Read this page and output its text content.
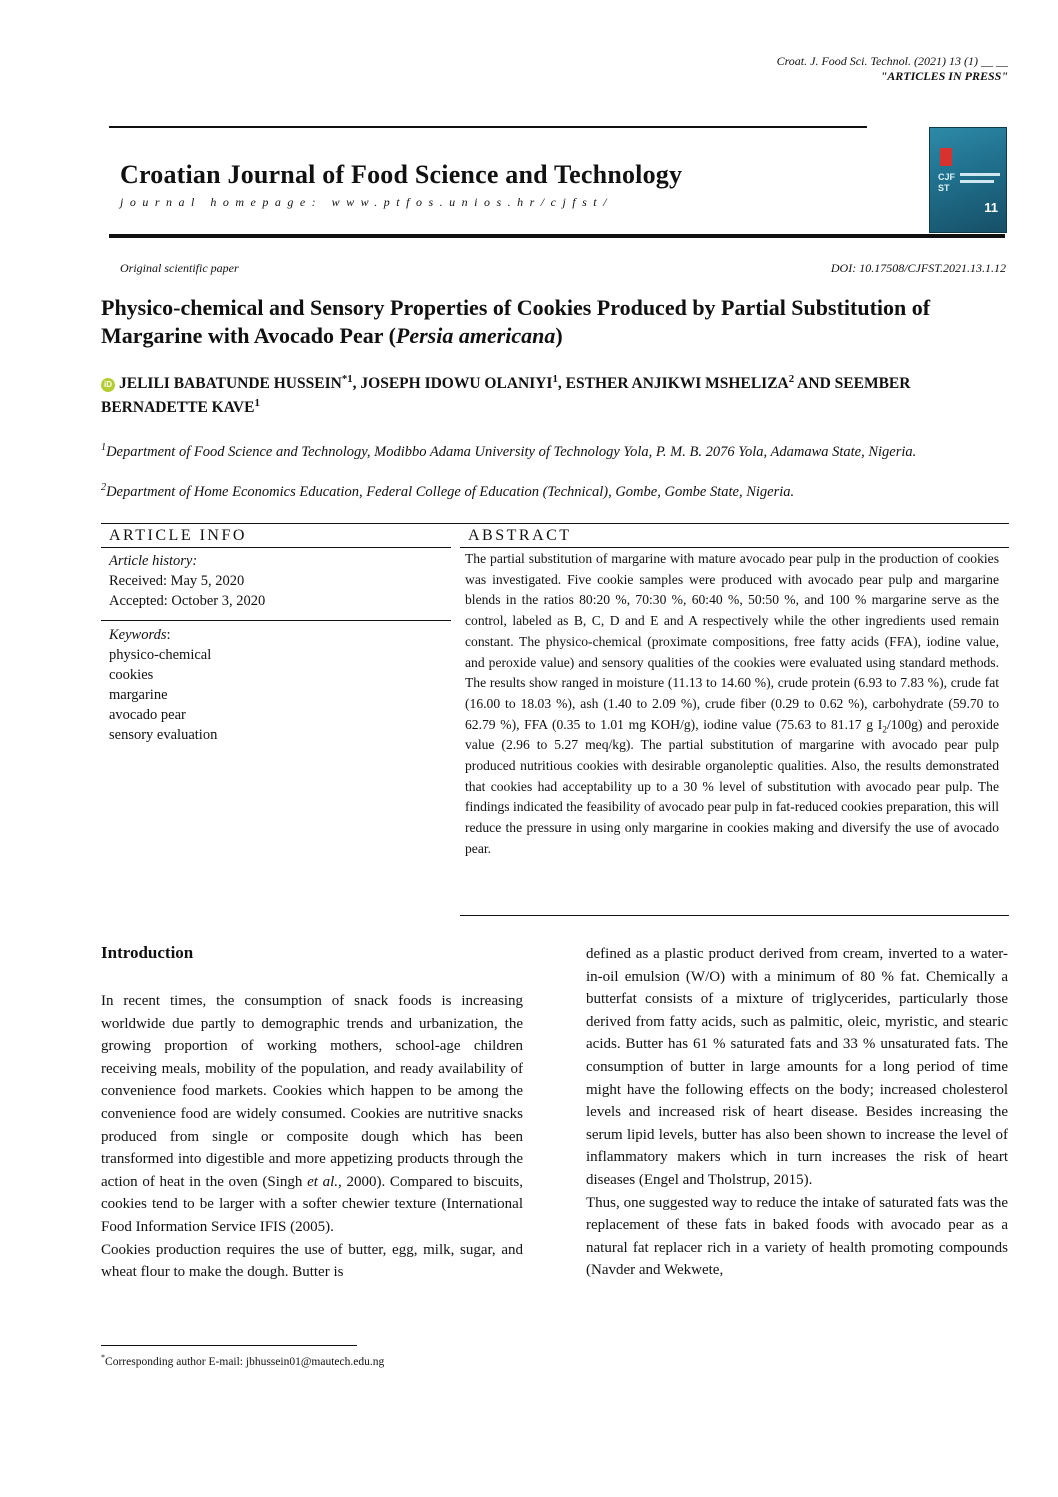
Croat. J. Food Sci. Technol. (2021) 13 (1) __ __
"ARTICLES IN PRESS"
Croatian Journal of Food Science and Technology
journal homepage: www.ptfos.unios.hr/cjfst/
CJFST
11
Original scientific paper	DOI: 10.17508/CJFST.2021.13.1.12
Physico-chemical and Sensory Properties of Cookies Produced by Partial Substitution of Margarine with Avocado Pear (Persia americana)
iD JELILI BABATUNDE HUSSEIN$^{*1}$, JOSEPH IDOWU OLANIYI$^1$, ESTHER ANJIKWI MSHELIZA$^2$ AND SEEMBER BERNADETTE KAVE$^1$
$^1$Department of Food Science and Technology, Modibbo Adama University of Technology Yola, P. M. B. 2076 Yola, Adamawa State, Nigeria.
$^2$Department of Home Economics Education, Federal College of Education (Technical), Gombe, Gombe State, Nigeria.
ARTICLE INFO	ABSTRACT
Article history:
Received: May 5, 2020
Accepted: October 3, 2020
Keywords:
physico-chemical
cookies
margarine
avocado pear
sensory evaluation
The partial substitution of margarine with mature avocado pear pulp in the production of cookies was investigated. Five cookie samples were produced with avocado pear pulp and margarine blends in the ratios 80:20 %, 70:30 %, 60:40 %, 50:50 %, and 100 % margarine serve as the control, labeled as B, C, D and E and A respectively while the other ingredients used remain constant. The physico-chemical (proximate compositions, free fatty acids (FFA), iodine value, and peroxide value) and sensory qualities of the cookies were evaluated using standard methods. The results show ranged in moisture (11.13 to 14.60 %), crude protein (6.93 to 7.83 %), crude fat (16.00 to 18.03 %), ash (1.40 to 2.09 %), crude fiber (0.29 to 0.62 %), carbohydrate (59.70 to 62.79 %), FFA (0.35 to 1.01 mg KOH/g), iodine value (75.63 to 81.17 g $I_2/100g$) and peroxide value (2.96 to 5.27 meq/kg). The partial substitution of margarine with avocado pear pulp produced nutritious cookies with desirable organoleptic qualities. Also, the results demonstrated that cookies had acceptability up to a 30 % level of substitution with avocado pear pulp. The findings indicated the feasibility of avocado pear pulp in fat-reduced cookies preparation, this will reduce the pressure in using only margarine in cookies making and diversify the use of avocado pear.
Introduction
In recent times, the consumption of snack foods is increasing worldwide due partly to demographic trends and urbanization, the growing proportion of working mothers, school-age children receiving meals, mobility of the population, and ready availability of convenience food markets. Cookies which happen to be among the convenience food are widely consumed. Cookies are nutritive snacks produced from single or composite dough which has been transformed into digestible and more appetizing products through the action of heat in the oven (Singh et al., 2000). Compared to biscuits, cookies tend to be larger with a softer chewier texture (International Food Information Service IFIS (2005).
Cookies production requires the use of butter, egg, milk, sugar, and wheat flour to make the dough. Butter is
defined as a plastic product derived from cream, inverted to a water-in-oil emulsion (W/O) with a minimum of 80 % fat. Chemically a butterfat consists of a mixture of triglycerides, particularly those derived from fatty acids, such as palmitic, oleic, myristic, and stearic acids. Butter has 61 % saturated fats and 33 % unsaturated fats. The consumption of butter in large amounts for a long period of time might have the following effects on the body; increased cholesterol levels and increased risk of heart disease. Besides increasing the serum lipid levels, butter has also been shown to increase the level of inflammatory makers which in turn increases the risk of heart diseases (Engel and Tholstrup, 2015).
Thus, one suggested way to reduce the intake of saturated fats was the replacement of these fats in baked foods with avocado pear as a natural fat replacer rich in a variety of health promoting compounds (Navder and Wekwete,
*Corresponding author E-mail: jbhussein01@mautech.edu.ng
